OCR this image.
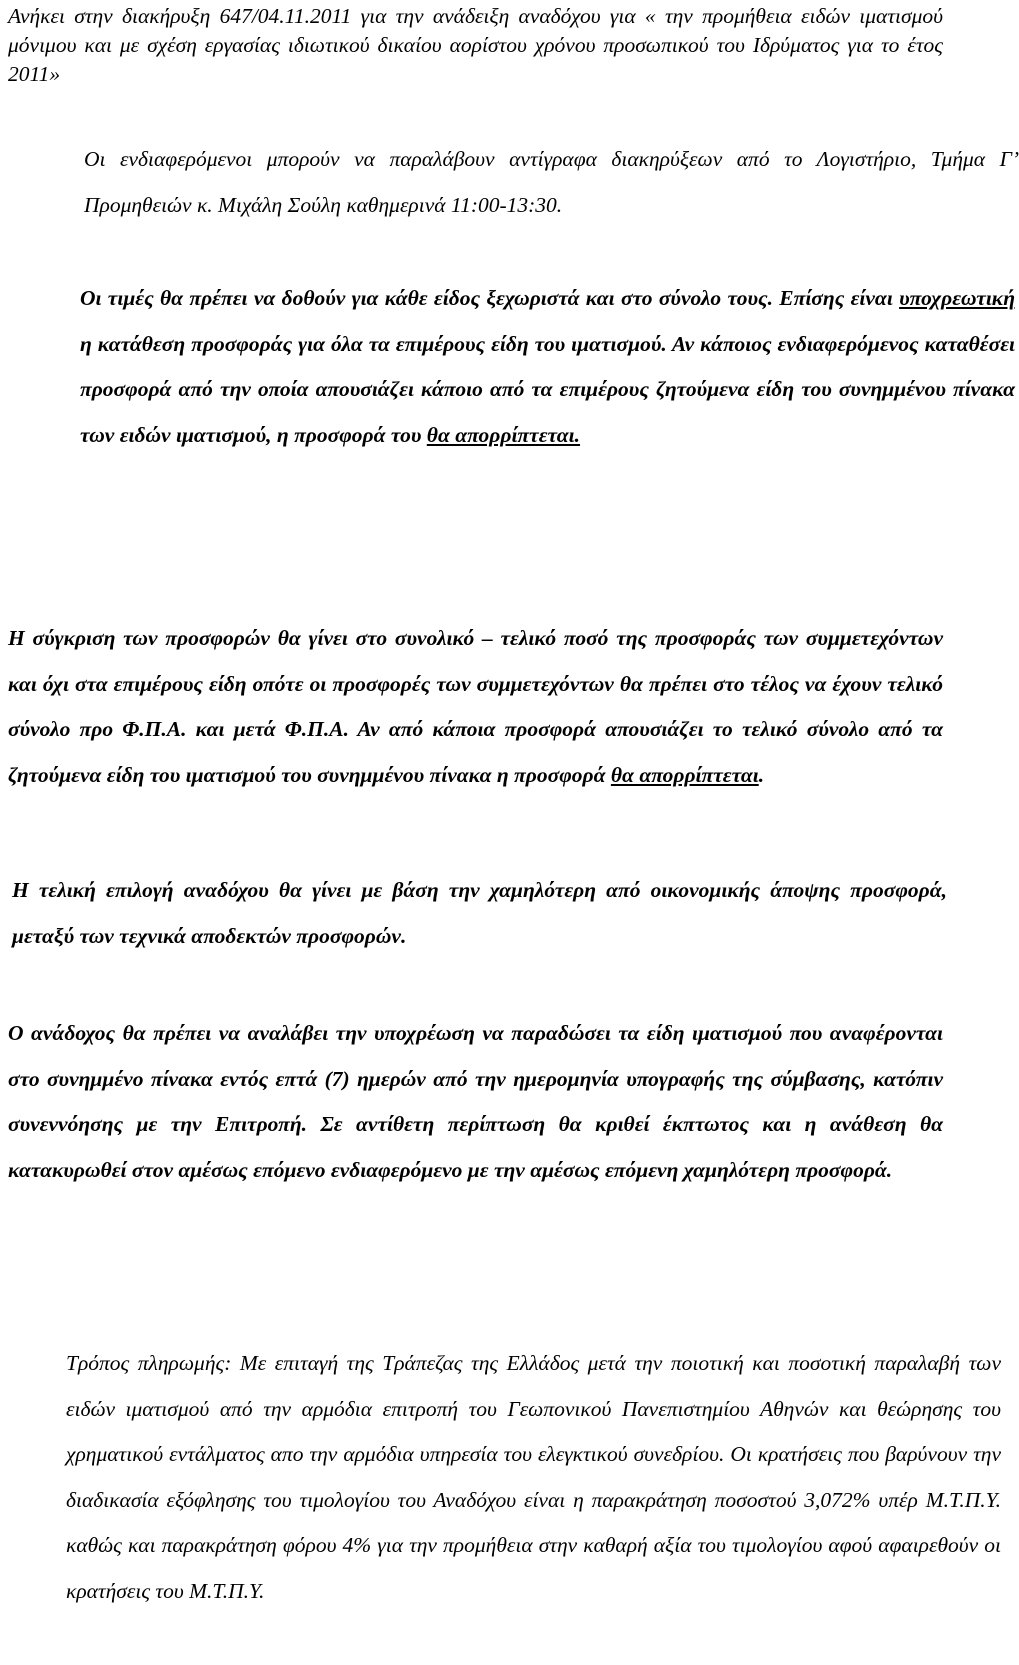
Ανήκει στην διακήρυξη 647/04.11.2011 για την ανάδειξη αναδόχου για « την προμήθεια ειδών ιματισμού μόνιμου και με σχέση εργασίας ιδιωτικού δικαίου αορίστου χρόνου προσωπικού του Ιδρύματος για το έτος 2011»

Οι ενδιαφερόμενοι μπορούν να παραλάβουν αντίγραφα διακηρύξεων από το Λογιστήριο, Τμήμα Γ’ Προμηθειών κ. Μιχάλη Σούλη καθημερινά 11:00-13:30.

Οι τιμές θα πρέπει να δοθούν για κάθε είδος ξεχωριστά και στο σύνολο τους. Επίσης είναι υποχρεωτική η κατάθεση προσφοράς για όλα τα επιμέρους είδη του ιματισμού. Αν κάποιος ενδιαφερόμενος καταθέσει προσφορά από την οποία απουσιάζει κάποιο από τα επιμέρους ζητούμενα είδη του συνημμένου πίνακα των ειδών ιματισμού, η προσφορά του θα απορρίπτεται.

Η σύγκριση των προσφορών θα γίνει στο συνολικό – τελικό ποσό της προσφοράς των συμμετεχόντων και όχι στα επιμέρους είδη οπότε οι προσφορές των συμμετεχόντων θα πρέπει στο τέλος να έχουν τελικό σύνολο προ Φ.Π.Α. και μετά Φ.Π.Α. Αν από κάποια προσφορά απουσιάζει το τελικό σύνολο από τα ζητούμενα είδη του ιματισμού του συνημμένου πίνακα η προσφορά θα απορρίπτεται.

Η τελική επιλογή αναδόχου θα γίνει με βάση την χαμηλότερη από οικονομικής άποψης προσφορά, μεταξύ των τεχνικά αποδεκτών προσφορών.

Ο ανάδοχος θα πρέπει να αναλάβει την υποχρέωση να παραδώσει τα είδη ιματισμού που αναφέρονται στο συνημμένο πίνακα εντός επτά (7) ημερών από την ημερομηνία υπογραφής της σύμβασης, κατόπιν συνεννόησης με την Επιτροπή. Σε αντίθετη περίπτωση θα κριθεί έκπτωτος και η ανάθεση θα κατακυρωθεί στον αμέσως επόμενο ενδιαφερόμενο με την αμέσως επόμενη χαμηλότερη προσφορά.

Τρόπος πληρωμής: Με επιταγή της Τράπεζας της Ελλάδος μετά την ποιοτική και ποσοτική παραλαβή των ειδών ιματισμού από την αρμόδια επιτροπή του Γεωπονικού Πανεπιστημίου Αθηνών και θεώρησης του χρηματικού εντάλματος απο την αρμόδια υπηρεσία του ελεγκτικού συνεδρίου. Οι κρατήσεις που βαρύνουν την διαδικασία εξόφλησης του τιμολογίου του Αναδόχου είναι η παρακράτηση ποσοστού 3,072% υπέρ Μ.Τ.Π.Υ. καθώς και παρακράτηση φόρου 4% για την προμήθεια στην καθαρή αξία του τιμολογίου αφού αφαιρεθούν οι κρατήσεις του Μ.Τ.Π.Υ.
